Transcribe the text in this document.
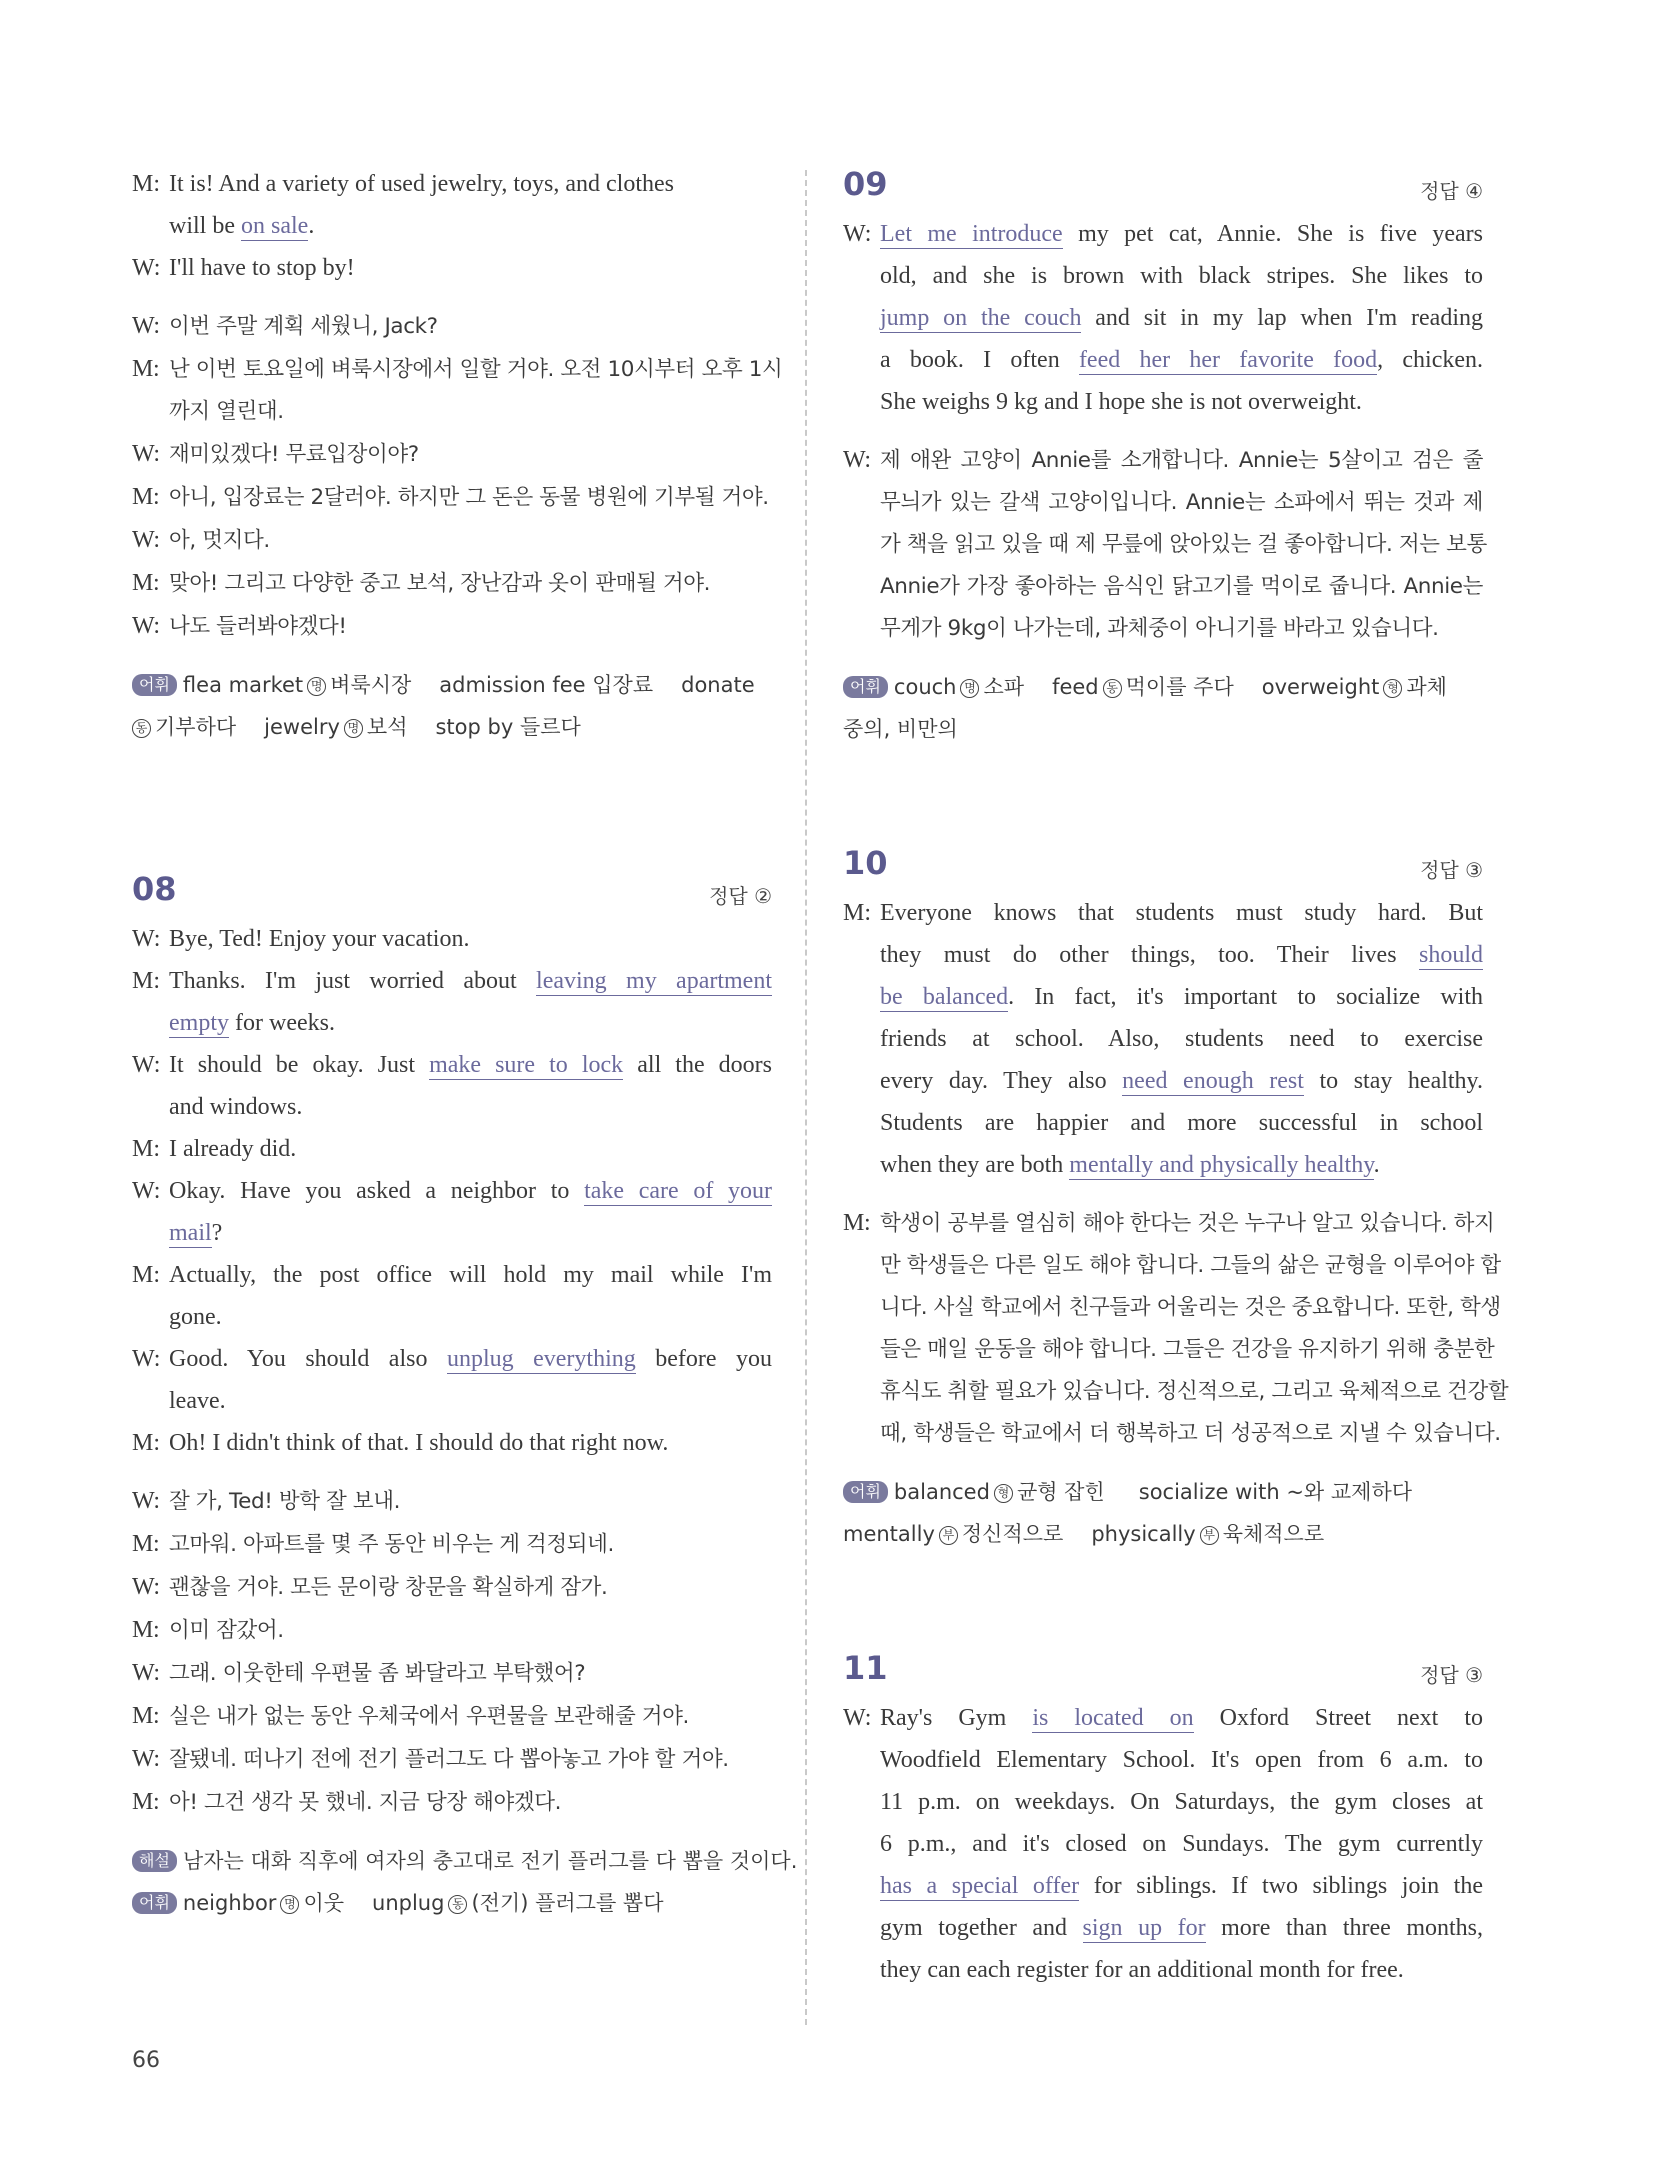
M: It is! And a variety of used jewelry, toys, and clothes
will be on sale.
W: I'll have to stop by!
W: 이번 주말 계획 세웠니, Jack?
M: 난 이번 토요일에 벼룩시장에서 일할 거야. 오전 10시부터 오후 1시
까지 열린대.
W: 재미있겠다! 무료입장이야?
M: 아니, 입장료는 2달러야. 하지만 그 돈은 동물 병원에 기부될 거야.
W: 아, 멋지다.
M: 맞아! 그리고 다양한 중고 보석, 장난감과 옷이 판매될 거야.
W: 나도 들러봐야겠다!
어휘 flea market 명 벼룩시장 admission fee 입장료 donate
동 기부하다 jewelry 명 보석 stop by 들르다
08	정답 ②
W: Bye, Ted! Enjoy your vacation.
M: Thanks. I'm just worried about leaving my apartment
empty for weeks.
W: It should be okay. Just make sure to lock all the doors
and windows.
M: I already did.
W: Okay. Have you asked a neighbor to take care of your
mail?
M: Actually, the post office will hold my mail while I'm
gone.
W: Good. You should also unplug everything before you
leave.
M: Oh! I didn't think of that. I should do that right now.
W: 잘 가, Ted! 방학 잘 보내.
M: 고마워. 아파트를 몇 주 동안 비우는 게 걱정되네.
W: 괜찮을 거야. 모든 문이랑 창문을 확실하게 잠가.
M: 이미 잠갔어.
W: 그래. 이웃한테 우편물 좀 봐달라고 부탁했어?
M: 실은 내가 없는 동안 우체국에서 우편물을 보관해줄 거야.
W: 잘됐네. 떠나기 전에 전기 플러그도 다 뽑아놓고 가야 할 거야.
M: 아! 그건 생각 못 했네. 지금 당장 해야겠다.
해설 남자는 대화 직후에 여자의 충고대로 전기 플러그를 다 뽑을 것이다.
어휘 neighbor 명 이웃 unplug 동 (전기) 플러그를 뽑다
09	정답 ④
W: Let me introduce my pet cat, Annie. She is five years
old, and she is brown with black stripes. She likes to
jump on the couch and sit in my lap when I'm reading
a book. I often feed her her favorite food, chicken.
She weighs 9 kg and I hope she is not overweight.
W: 제 애완 고양이 Annie를 소개합니다. Annie는 5살이고 검은 줄
무늬가 있는 갈색 고양이입니다. Annie는 소파에서 뛰는 것과 제
가 책을 읽고 있을 때 제 무릎에 앉아있는 걸 좋아합니다. 저는 보통
Annie가 가장 좋아하는 음식인 닭고기를 먹이로 줍니다. Annie는
무게가 9kg이 나가는데, 과체중이 아니기를 바라고 있습니다.
어휘 couch 명 소파 feed 동 먹이를 주다 overweight 형 과체
중의, 비만의
10	정답 ③
M: Everyone knows that students must study hard. But
they must do other things, too. Their lives should
be balanced. In fact, it's important to socialize with
friends at school. Also, students need to exercise
every day. They also need enough rest to stay healthy.
Students are happier and more successful in school
when they are both mentally and physically healthy.
M: 학생이 공부를 열심히 해야 한다는 것은 누구나 알고 있습니다. 하지
만 학생들은 다른 일도 해야 합니다. 그들의 삶은 균형을 이루어야 합
니다. 사실 학교에서 친구들과 어울리는 것은 중요합니다. 또한, 학생
들은 매일 운동을 해야 합니다. 그들은 건강을 유지하기 위해 충분한
휴식도 취할 필요가 있습니다. 정신적으로, 그리고 육체적으로 건강할
때, 학생들은 학교에서 더 행복하고 더 성공적으로 지낼 수 있습니다.
어휘 balanced 형 균형 잡힌 socialize with ~와 교제하다
mentally 부 정신적으로 physically 부 육체적으로
11	정답 ③
W: Ray's Gym is located on Oxford Street next to
Woodfield Elementary School. It's open from 6 a.m. to
11 p.m. on weekdays. On Saturdays, the gym closes at
6 p.m., and it's closed on Sundays. The gym currently
has a special offer for siblings. If two siblings join the
gym together and sign up for more than three months,
they can each register for an additional month for free.
66
